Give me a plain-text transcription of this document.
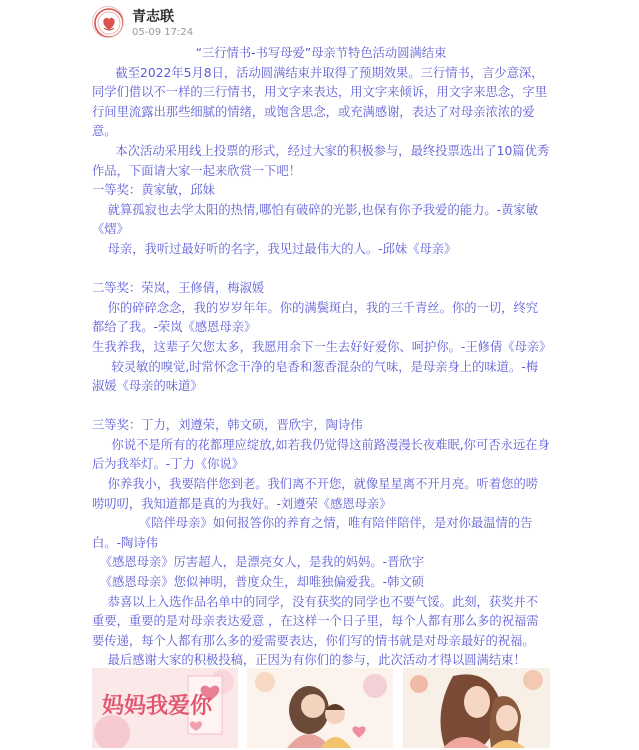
青志联
05-09 17:24

“三行情书-书写母爱”母亲节特色活动圆满结束

截至2022年5月8日，活动圆满结束并取得了预期效果。三行情书，言少意深，同学们借以不一样的三行情书，用文字来表达，用文字来倾诉，用文字来思念，字里行间里流露出那些细腻的情绪，或饱含思念，或充满感谢，表达了对母亲浓浓的爱意。

本次活动采用线上投票的形式，经过大家的积极参与，最终投票选出了10篇优秀作品，下面请大家一起来欣赏一下吧！

一等奖：黄家敏，邱妹

就算孤寂也去学太阳的热情,哪怕有破碎的光影,也保有你予我爱的能力。-黄家敏《熠》

母亲，我听过最好听的名字，我见过最伟大的人。-邱妹《母亲》

二等奖：荣岚，王修倩，梅淑媛

你的碎碎念念，我的岁岁年年。你的满鬓斑白，我的三千青丝。你的一切，终究都给了我。-荣岚《感恩母亲》

生我养我，这辈子欠您太多，我愿用余下一生去好好爱你、呵护你。-王修倩《母亲》

较灵敏的嗅觉,时常怀念干净的皂香和葱香混杂的气味，是母亲身上的味道。-梅淑媛《母亲的味道》

三等奖：丁力，刘遵荣，韩文硕，晋欣宇，陶诗伟

你说不是所有的花都理应绽放,如若我仍觉得这前路漫漫长夜难眠,你可否永远在身后为我举灯。-丁力《你说》

你养我小，我要陪伴您到老。我们离不开您，就像星星离不开月亮。听着您的唠唠叨叨，我知道都是真的为我好。-刘遵荣《感恩母亲》

《陪伴母亲》如何报答你的养育之情，唯有陪伴陪伴，是对你最温情的告白。-陶诗伟

《感恩母亲》厉害超人，是漂亮女人，是我的妈妈。-晋欣宇

《感恩母亲》您似神明，普度众生，却唯独偏爱我。-韩文硕

恭喜以上入选作品名单中的同学，没有获奖的同学也不要气馁。此刻，获奖并不重要，重要的是对母亲表达爱意 ，在这样一个日子里，每个人都有那么多的祝福需要传递，每个人都有那么多的爱需要表达，你们写的情书就是对母亲最好的祝福。

最后感谢大家的积极投稿，正因为有你们的参与，此次活动才得以圆满结束！

妈妈我爱你
